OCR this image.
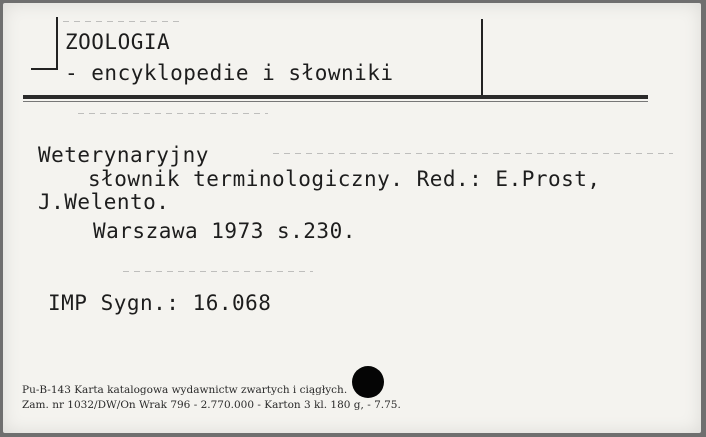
ZOOLOGIA
- encyklopedie i słowniki
Weterynaryjny
słownik terminologiczny. Red.: E.Prost,
J.Welento.
Warszawa 1973 s.230.
IMP Sygn.: 16.068
Pu-B-143 Karta katalogowa wydawnictw zwartych i ciągłych.
Zam. nr 1032/DW/On Wrak 796 - 2.770.000 - Karton 3 kl. 180 g, - 7.75.
